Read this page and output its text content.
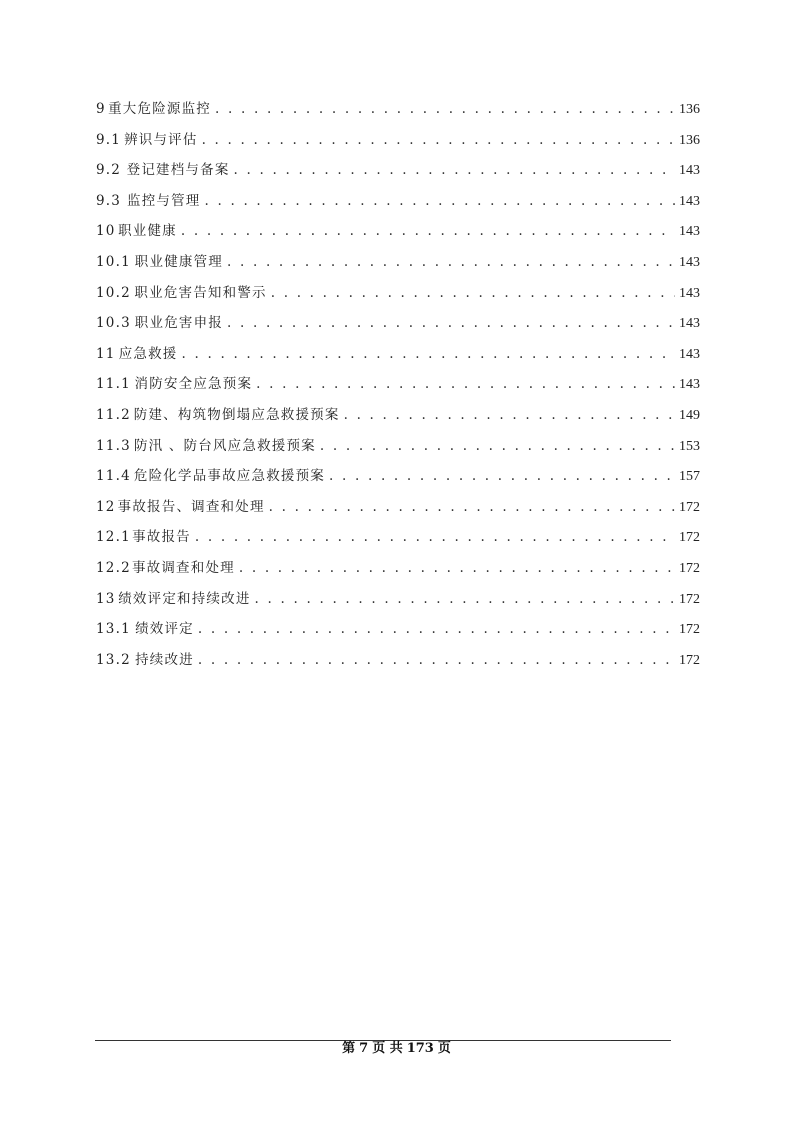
9 重大危险源监控 . . .	136
9.1 辨识与评估 . . .	136
9.2 登记建档与备案 . . .	143
9.3 监控与管理 . . .	143
10 职业健康 . . .	143
10.1 职业健康管理 . . .	143
10.2 职业危害告知和警示 . . .	143
10.3 职业危害申报 . . .	143
11 应急救援 . . .	143
11.1 消防安全应急预案 . . .	143
11.2 防建、构筑物倒塌应急救援预案 . . .	149
11.3 防汛 、防台风应急救援预案 . . .	153
11.4 危险化学品事故应急救援预案 . . .	157
12 事故报告、调查和处理 . . .	172
12.1 事故报告 . . .	172
12.2 事故调查和处理 . . .	172
13 绩效评定和持续改进 . . .	172
13.1 绩效评定 . . .	172
13.2 持续改进 . . .	172
第 7 页 共 173 页
